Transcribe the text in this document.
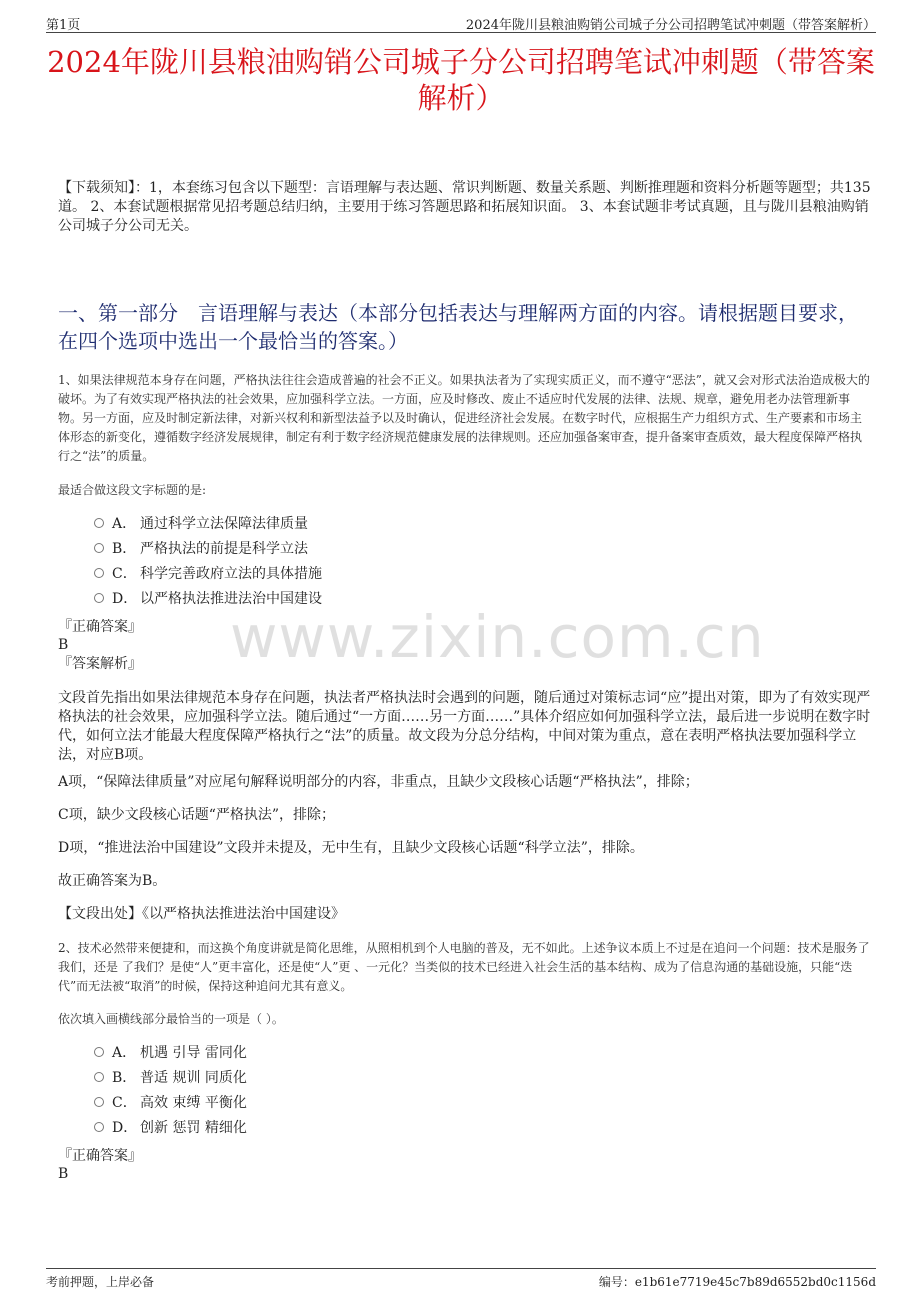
第1页	2024年陇川县粮油购销公司城子分公司招聘笔试冲刺题（带答案解析）
2024年陇川县粮油购销公司城子分公司招聘笔试冲刺题（带答案解析）
【下载须知】：1，本套练习包含以下题型：言语理解与表达题、常识判断题、数量关系题、判断推理题和资料分析题等题型；共135道。 2、本套试题根据常见招考题总结归纳，主要用于练习答题思路和拓展知识面。 3、本套试题非考试真题，且与陇川县粮油购销公司城子分公司无关。
一、第一部分　言语理解与表达（本部分包括表达与理解两方面的内容。请根据题目要求，在四个选项中选出一个最恰当的答案。）
1、如果法律规范本身存在问题，严格执法往往会造成普遍的社会不正义。如果执法者为了实现实质正义，而不遵守“恶法”，就又会对形式法治造成极大的破坏。为了有效实现严格执法的社会效果，应加强科学立法。一方面，应及时修改、废止不适应时代发展的法律、法规、规章，避免用老办法管理新事物。另一方面，应及时制定新法律，对新兴权利和新型法益予以及时确认，促进经济社会发展。在数字时代，应根据生产力组织方式、生产要素和市场主体形态的新变化，遵循数字经济发展规律，制定有利于数字经济规范健康发展的法律规则。还应加强备案审查，提升备案审查质效，最大程度保障严格执行之“法”的质量。
最适合做这段文字标题的是:
A． 通过科学立法保障法律质量
B． 严格执法的前提是科学立法
C． 科学完善政府立法的具体措施
D． 以严格执法推进法治中国建设
『正确答案』
B
『答案解析』
文段首先指出如果法律规范本身存在问题，执法者严格执法时会遇到的问题，随后通过对策标志词“应”提出对策，即为了有效实现严格执法的社会效果，应加强科学立法。随后通过“一方面……另一方面……”具体介绍应如何加强科学立法，最后进一步说明在数字时代，如何立法才能最大程度保障严格执行之“法”的质量。故文段为分总分结构，中间对策为重点，意在表明严格执法要加强科学立法，对应B项。
A项，“保障法律质量”对应尾句解释说明部分的内容，非重点，且缺少文段核心话题“严格执法”，排除；
C项，缺少文段核心话题“严格执法”，排除；
D项，“推进法治中国建设”文段并未提及，无中生有，且缺少文段核心话题“科学立法”，排除。
故正确答案为B。
【文段出处】《以严格执法推进法治中国建设》
2、技术必然带来便捷和，而这换个角度讲就是简化思维，从照相机到个人电脑的普及，无不如此。上述争议本质上不过是在追问一个问题：技术是服务了我们，还是 了我们？是使“人”更丰富化，还是使“人”更 、一元化？当类似的技术已经进入社会生活的基本结构、成为了信息沟通的基础设施，只能“迭代”而无法被“取消”的时候，保持这种追问尤其有意义。
依次填入画横线部分最恰当的一项是（ ）。
A． 机遇 引导 雷同化
B． 普适 规训 同质化
C． 高效 束缚 平衡化
D． 创新 惩罚 精细化
『正确答案』
B
www.zixin.com.cn
考前押题，上岸必备	编号：e1b61e7719e45c7b89d6552bd0c1156d
